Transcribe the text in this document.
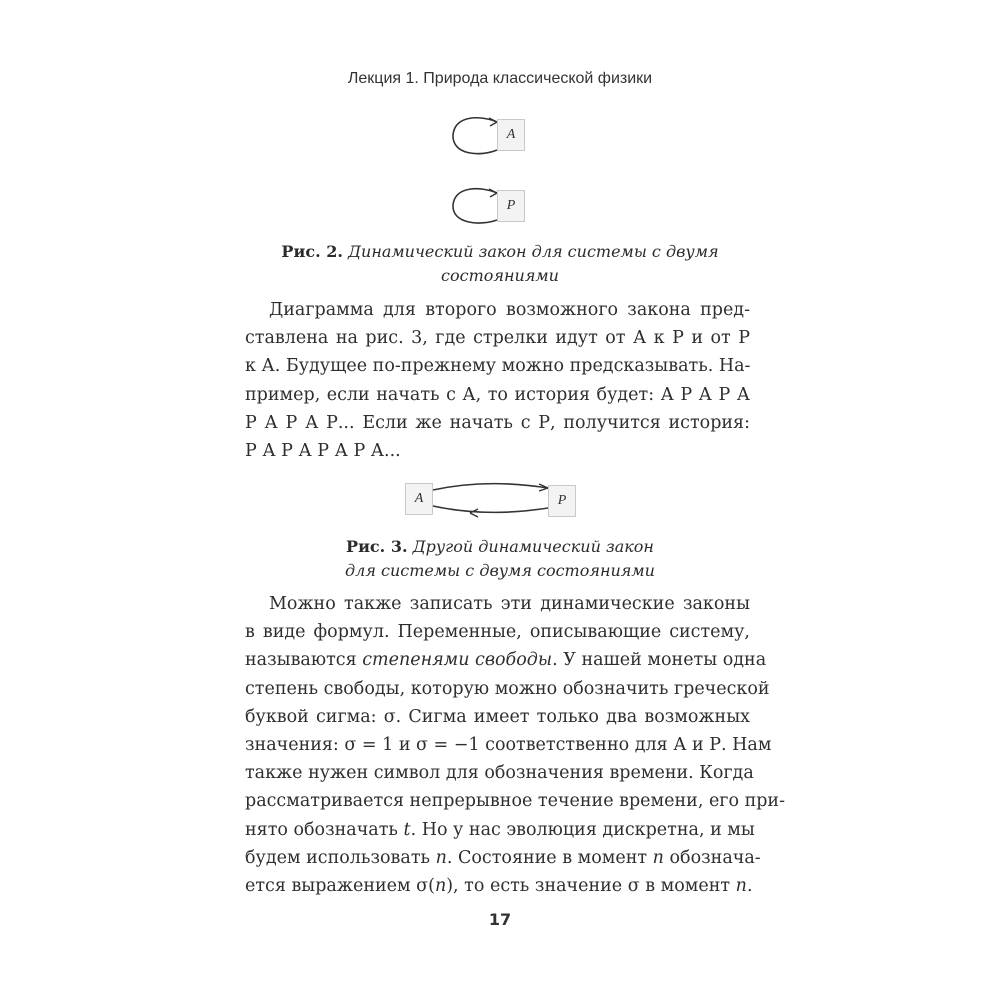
Лекция 1. Природа классической физики
A
P
Рис. 2. Динамический закон для системы с двумя
состояниями
Диаграмма для второго возможного закона пред-
ставлена на рис. 3, где стрелки идут от А к Р и от Р
к А. Будущее по-прежнему можно предсказывать. На-
пример, если начать с А, то история будет: А Р А Р А
Р А Р А Р... Если же начать с Р, получится история:
Р А Р А Р А Р А...
A	P
Рис. 3. Другой динамический закон
для системы с двумя состояниями
Можно также записать эти динамические законы
в виде формул. Переменные, описывающие систему,
называются степенями свободы. У нашей монеты одна
степень свободы, которую можно обозначить греческой
буквой сигма: σ. Сигма имеет только два возможных
значения: σ = 1 и σ = −1 соответственно для А и Р. Нам
также нужен символ для обозначения времени. Когда
рассматривается непрерывное течение времени, его при-
нято обозначать t. Но у нас эволюция дискретна, и мы
будем использовать n. Состояние в момент n обознача-
ется выражением σ(n), то есть значение σ в момент n.
17
